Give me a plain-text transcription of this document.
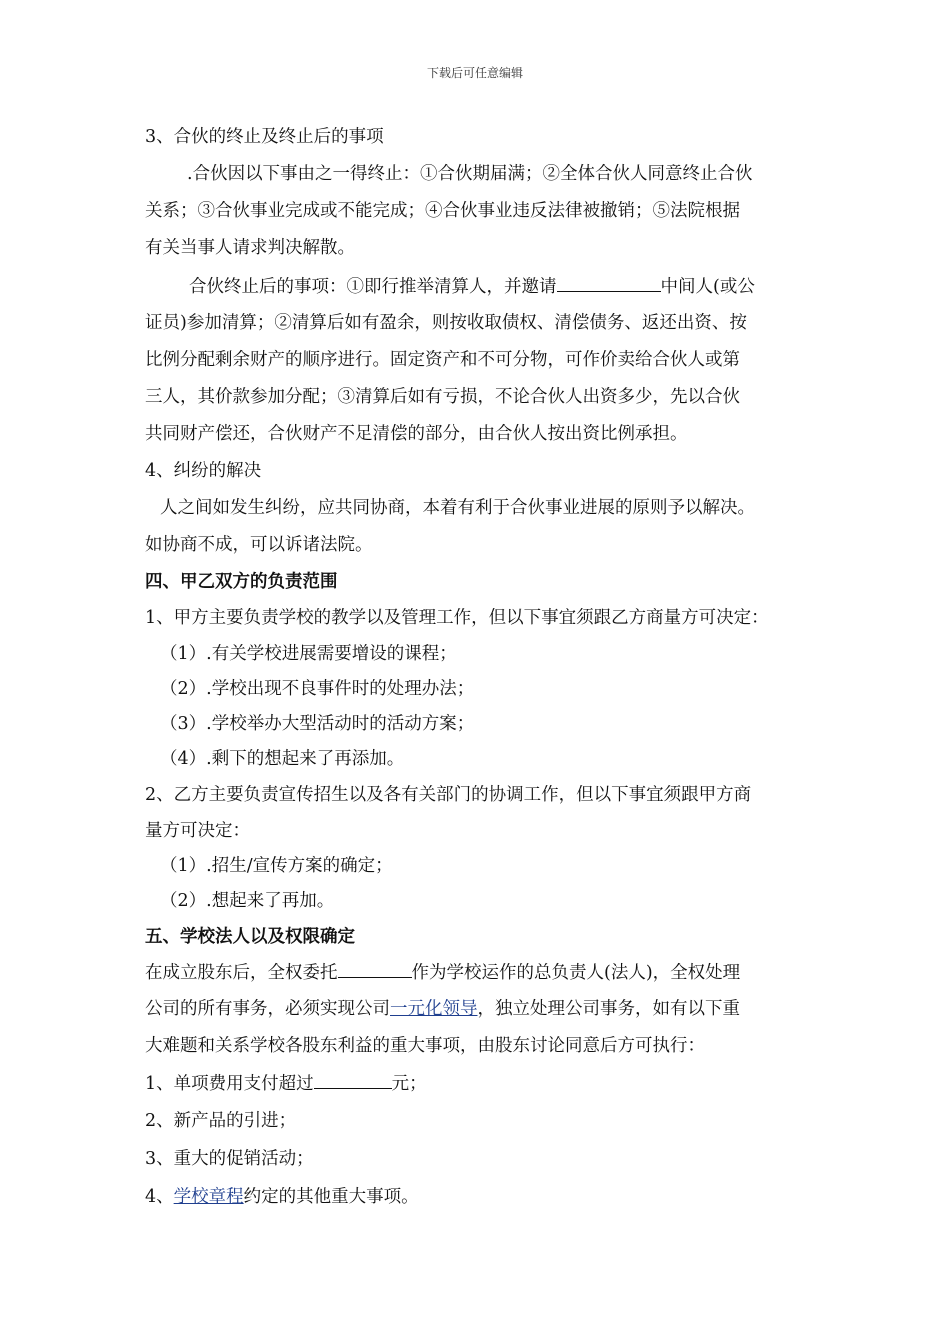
下载后可任意编辑
3、合伙的终止及终止后的事项
.合伙因以下事由之一得终止：①合伙期届满；②全体合伙人同意终止合伙
关系；③合伙事业完成或不能完成；④合伙事业违反法律被撤销；⑤法院根据
有关当事人请求判决解散。
合伙终止后的事项：①即行推举清算人，并邀请	中间人(或公
证员)参加清算；②清算后如有盈余，则按收取债权、清偿债务、返还出资、按
比例分配剩余财产的顺序进行。固定资产和不可分物，可作价卖给合伙人或第
三人，其价款参加分配；③清算后如有亏损，不论合伙人出资多少，先以合伙
共同财产偿还，合伙财产不足清偿的部分，由合伙人按出资比例承担。
4、纠纷的解决
人之间如发生纠纷，应共同协商，本着有利于合伙事业进展的原则予以解决。
如协商不成，可以诉诸法院。
四、甲乙双方的负责范围
1、甲方主要负责学校的教学以及管理工作，但以下事宜须跟乙方商量方可决定：
（1）.有关学校进展需要增设的课程；
（2）.学校出现不良事件时的处理办法；
（3）.学校举办大型活动时的活动方案；
（4）.剩下的想起来了再添加。
2、乙方主要负责宣传招生以及各有关部门的协调工作，但以下事宜须跟甲方商
量方可决定：
（1）.招生/宣传方案的确定；
（2）.想起来了再加。
五、学校法人以及权限确定
在成立股东后，全权委托	作为学校运作的总负责人(法人)，全权处理
公司的所有事务，必须实现公司一元化领导，独立处理公司事务，如有以下重
大难题和关系学校各股东利益的重大事项，由股东讨论同意后方可执行：
1、单项费用支付超过	元；
2、新产品的引进；
3、重大的促销活动；
4、学校章程约定的其他重大事项。
